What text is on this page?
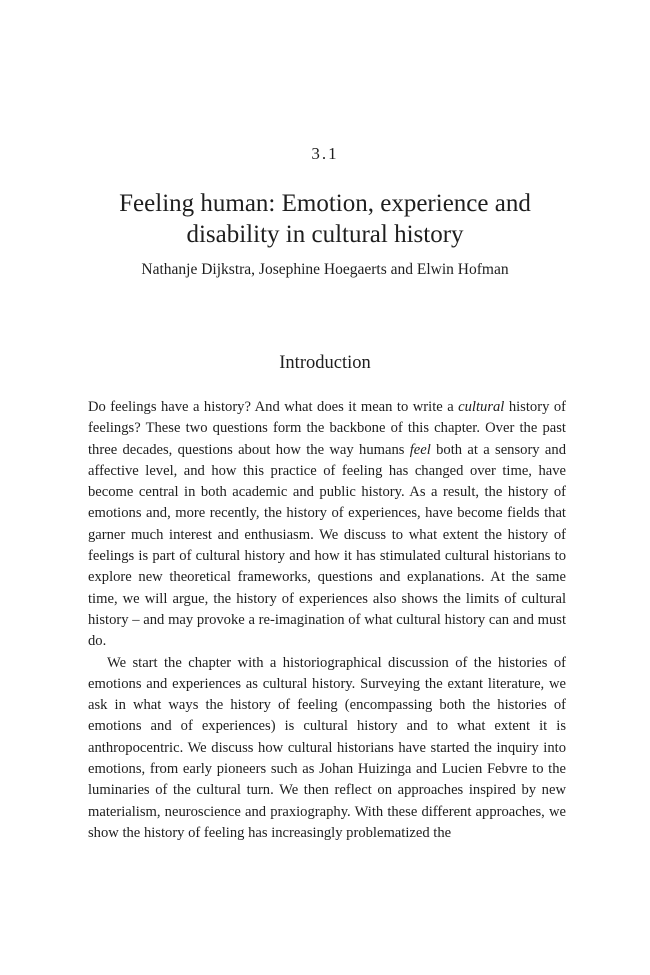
3.1
Feeling human: Emotion, experience and
disability in cultural history
Nathanje Dijkstra, Josephine Hoegaerts and Elwin Hofman
Introduction

Do feelings have a history? And what does it mean to write a cultural history of feelings? These two questions form the backbone of this chapter. Over the past three decades, questions about how the way humans feel both at a sensory and affective level, and how this practice of feeling has changed over time, have become central in both academic and public history. As a result, the history of emotions and, more recently, the history of experiences, have become fields that garner much interest and enthusiasm. We discuss to what extent the history of feelings is part of cultural history and how it has stimulated cultural historians to explore new theoretical frameworks, questions and explanations. At the same time, we will argue, the history of experiences also shows the limits of cultural history – and may provoke a re-imagination of what cultural history can and must do.

We start the chapter with a historiographical discussion of the histories of emotions and experiences as cultural history. Surveying the extant literature, we ask in what ways the history of feeling (encompassing both the histories of emotions and of experiences) is cultural history and to what extent it is anthropocentric. We discuss how cultural historians have started the inquiry into emotions, from early pioneers such as Johan Huizinga and Lucien Febvre to the luminaries of the cultural turn. We then reflect on approaches inspired by new materialism, neuroscience and praxiography. With these different approaches, we show the history of feeling has increasingly problematized the
